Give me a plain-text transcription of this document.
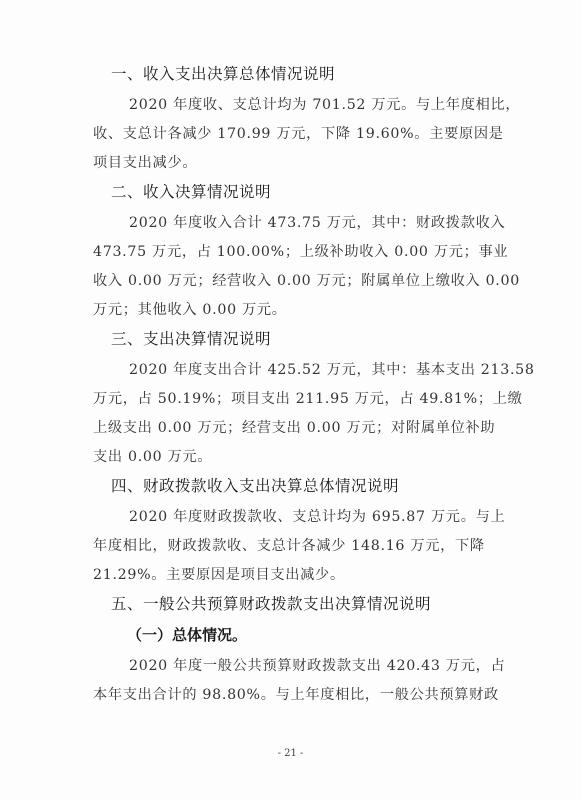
一、收入支出决算总体情况说明
2020 年度收、支总计均为 701.52 万元。与上年度相比，
收、支总计各减少 170.99 万元，下降 19.60%。主要原因是
项目支出减少。
二、收入决算情况说明
2020 年度收入合计 473.75 万元，其中：财政拨款收入
473.75 万元，占 100.00%；上级补助收入 0.00 万元；事业
收入 0.00 万元；经营收入 0.00 万元；附属单位上缴收入 0.00
万元；其他收入 0.00 万元。
三、支出决算情况说明
2020 年度支出合计 425.52 万元，其中：基本支出 213.58
万元，占 50.19%；项目支出 211.95 万元，占 49.81%；上缴
上级支出 0.00 万元；经营支出 0.00 万元；对附属单位补助
支出 0.00 万元。
四、财政拨款收入支出决算总体情况说明
2020 年度财政拨款收、支总计均为 695.87 万元。与上
年度相比，财政拨款收、支总计各减少 148.16 万元，下降
21.29%。主要原因是项目支出减少。
五、一般公共预算财政拨款支出决算情况说明
（一）总体情况。
2020 年度一般公共预算财政拨款支出 420.43 万元，占
本年支出合计的 98.80%。与上年度相比，一般公共预算财政
- 21 -
